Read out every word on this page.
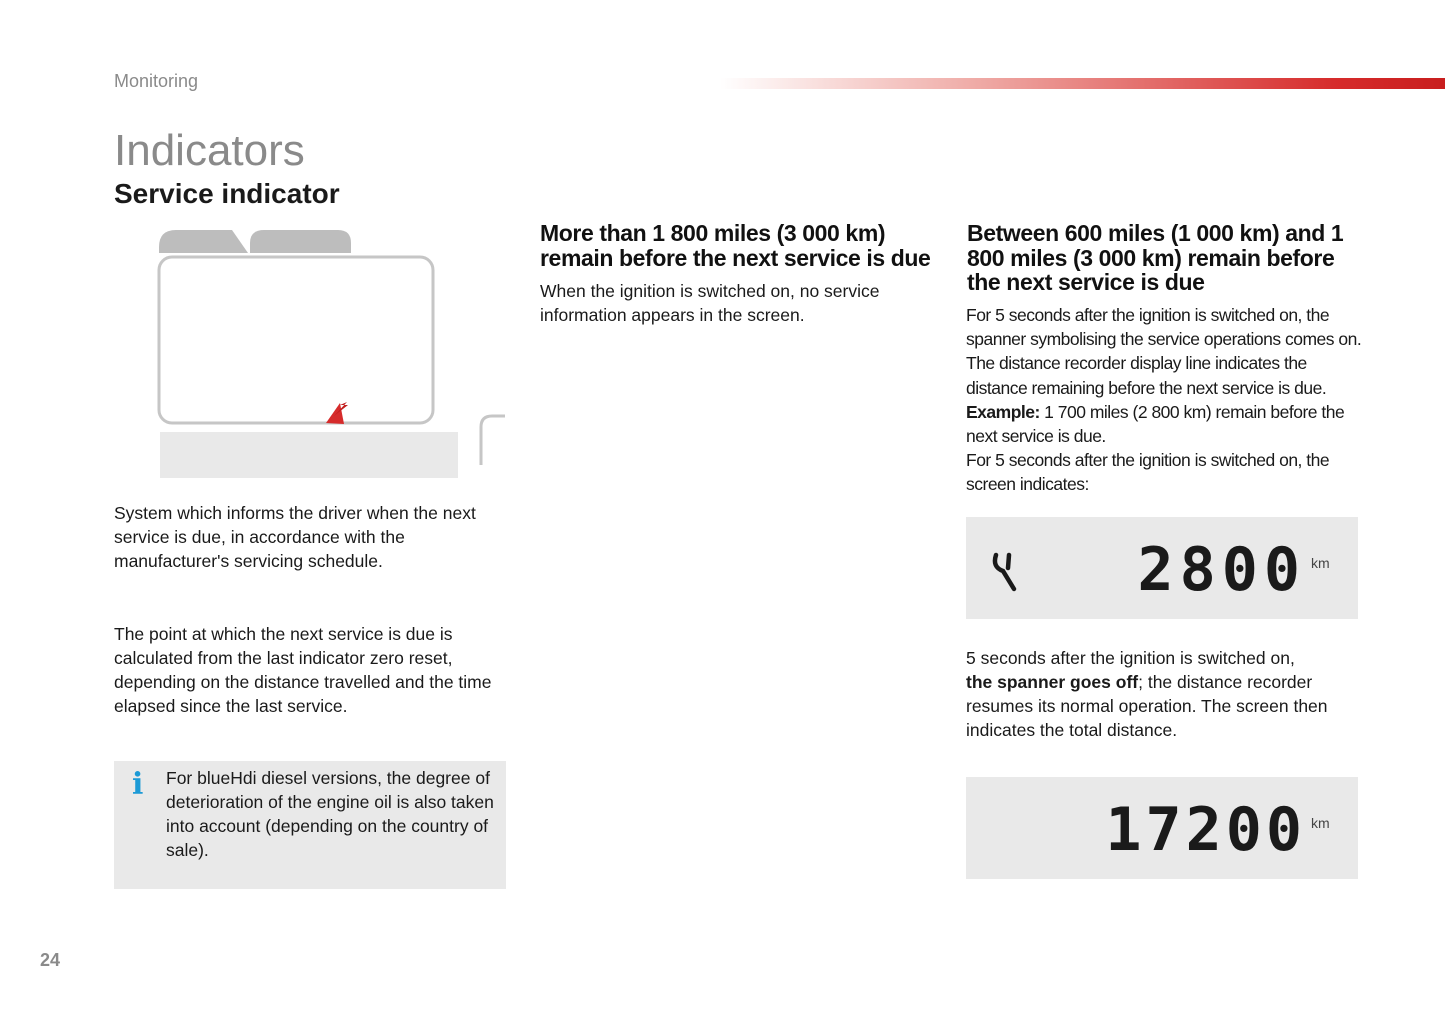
Monitoring
Indicators
Service indicator
System which informs the driver when the next service is due, in accordance with the manufacturer's servicing schedule.
The point at which the next service is due is calculated from the last indicator zero reset, depending on the distance travelled and the time elapsed since the last service.
i For blueHdi diesel versions, the degree of deterioration of the engine oil is also taken into account (depending on the country of sale).
More than 1 800 miles (3 000 km) remain before the next service is due
When the ignition is switched on, no service information appears in the screen.
Between 600 miles (1 000 km) and 1 800 miles (3 000 km) remain before the next service is due
For 5 seconds after the ignition is switched on, the spanner symbolising the service operations comes on. The distance recorder display line indicates the distance remaining before the next service is due.
Example: 1 700 miles (2 800 km) remain before the next service is due.
For 5 seconds after the ignition is switched on, the screen indicates:
2800 km
5 seconds after the ignition is switched on,
the spanner goes off; the distance recorder resumes its normal operation. The screen then indicates the total distance.
17200 km
24
